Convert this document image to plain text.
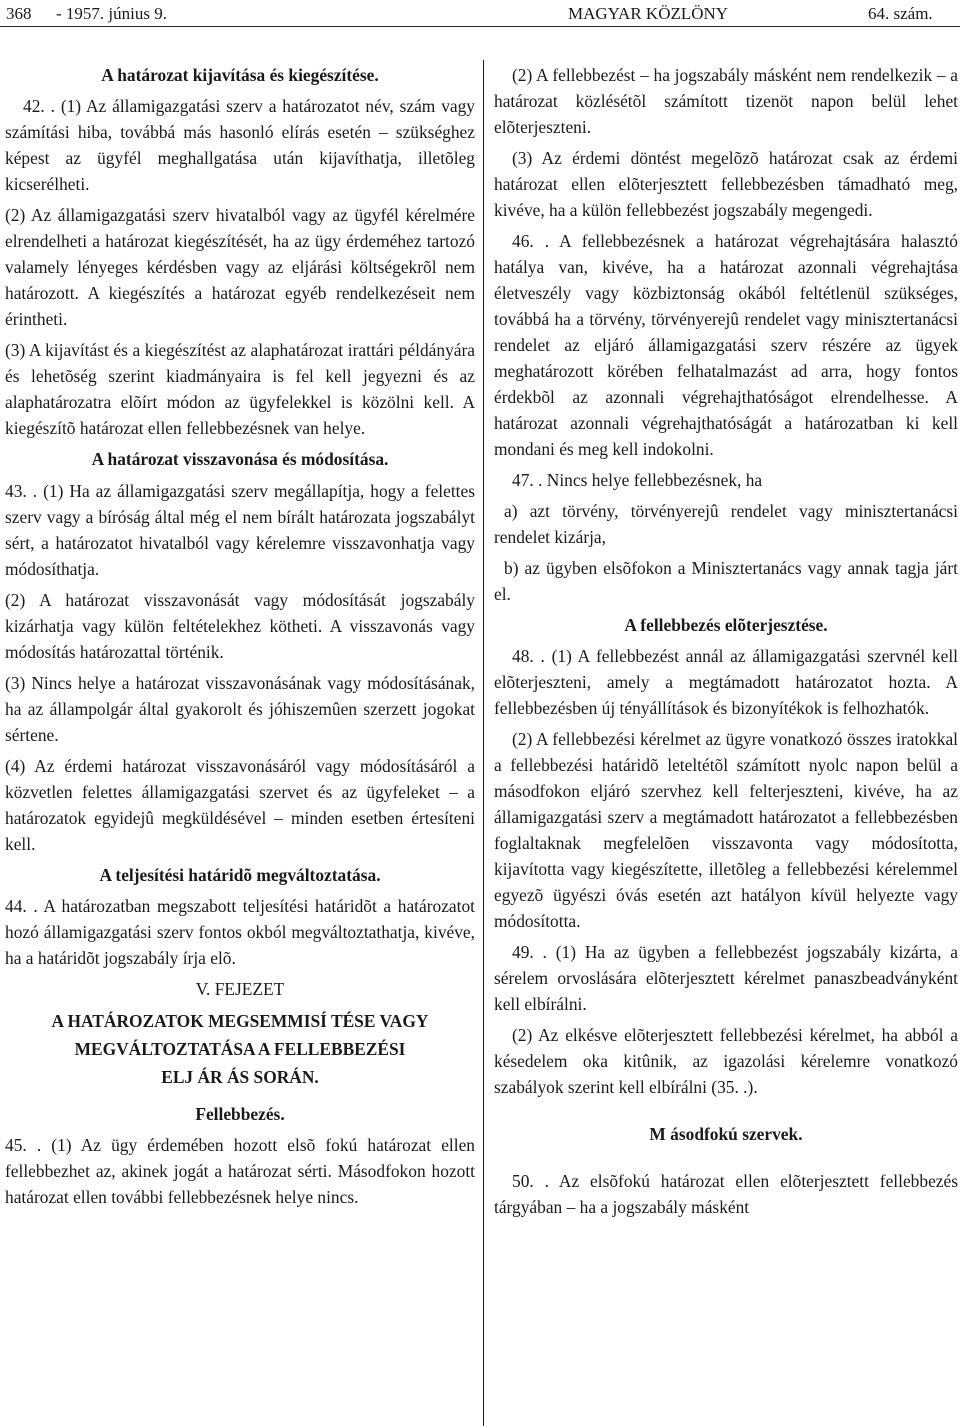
368 - 1957. június 9.	MAGYAR KÖZLÖNY	64. szám.

A határozat kijavítása és kiegészítése.

42. . (1) Az államigazgatási szerv a határozatot név, szám vagy számítási hiba, továbbá más hasonló elírás esetén – szükséghez képest az ügyfél meghallgatása után kijavíthatja, illetõleg kicserélheti.

(2) Az államigazgatási szerv hivatalból vagy az ügyfél kérelmére elrendelheti a határozat kiegészítését, ha az ügy érdeméhez tartozó valamely lényeges kérdésben vagy az eljárási költségekrõl nem határozott. A kiegészítés a határozat egyéb rendelkezéseit nem érintheti.

(3) A kijavítást és a kiegészítést az alaphatározat irattári példányára és lehetõség szerint kiadmányaira is fel kell jegyezni és az alaphatározatra elõírt módon az ügyfelekkel is közölni kell. A kiegészítõ határozat ellen fellebbezésnek van helye.

A határozat visszavonása és módosítása.

43. . (1) Ha az államigazgatási szerv megállapítja, hogy a felettes szerv vagy a bíróság által még el nem bírált határozata jogszabályt sért, a határozatot hivatalból vagy kérelemre visszavonhatja vagy módosíthatja.

(2) A határozat visszavonását vagy módosítását jogszabály kizárhatja vagy külön feltételekhez kötheti. A visszavonás vagy módosítás határozattal történik.

(3) Nincs helye a határozat visszavonásának vagy módosításának, ha az állampolgár által gyakorolt és jóhiszemûen szerzett jogokat sértene.

(4) Az érdemi határozat visszavonásáról vagy módosításáról a közvetlen felettes államigazgatási szervet és az ügyfeleket – a határozatok egyidejû megküldésével – minden esetben értesíteni kell.

A teljesítési határidõ megváltoztatása.

44. . A határozatban megszabott teljesítési határidõt a határozatot hozó államigazgatási szerv fontos okból megváltoztathatja, kivéve, ha a határidõt jogszabály írja elõ.

V. FEJEZET

A HATÁROZATOK MEGSEMMISÍ TÉSE VAGY
MEGVÁLTOZTATÁSA A FELLEBBEZÉSI
ELJ ÁR ÁS SORÁN.

Fellebbezés.

45. . (1) Az ügy érdemében hozott elsõ fokú határozat ellen fellebbezhet az, akinek jogát a határozat sérti. Másodfokon hozott határozat ellen további fellebbezésnek helye nincs.

(2) A fellebbezést – ha jogszabály másként nem rendelkezik – a határozat közlésétõl számított tizenöt napon belül lehet elõterjeszteni.

(3) Az érdemi döntést megelõzõ határozat csak az érdemi határozat ellen elõterjesztett fellebbezésben támadható meg, kivéve, ha a külön fellebbezést jogszabály megengedi.

46. . A fellebbezésnek a határozat végrehajtására halasztó hatálya van, kivéve, ha a határozat azonnali végrehajtása életveszély vagy közbiztonság okából feltétlenül szükséges, továbbá ha a törvény, törvényerejû rendelet vagy minisztertanácsi rendelet az eljáró államigazgatási szerv részére az ügyek meghatározott körében felhatalmazást ad arra, hogy fontos érdekbõl az azonnali végrehajthatóságot elrendelhesse. A határozat azonnali végrehajthatóságát a határozatban ki kell mondani és meg kell indokolni.

47. . Nincs helye fellebbezésnek, ha

a) azt törvény, törvényerejû rendelet vagy minisztertanácsi rendelet kizárja,

b) az ügyben elsõfokon a Minisztertanács vagy annak tagja járt el.

A fellebbezés elõterjesztése.

48. . (1) A fellebbezést annál az államigazgatási szervnél kell elõterjeszteni, amely a megtámadott határozatot hozta. A fellebbezésben új tényállítások és bizonyítékok is felhozhatók.

(2) A fellebbezési kérelmet az ügyre vonatkozó összes iratokkal a fellebbezési határidõ leteltétõl számított nyolc napon belül a másodfokon eljáró szervhez kell felterjeszteni, kivéve, ha az államigazgatási szerv a megtámadott határozatot a fellebbezésben foglaltaknak megfelelõen visszavonta vagy módosította, kijavította vagy kiegészítette, illetõleg a fellebbezési kérelemmel egyezõ ügyészi óvás esetén azt hatályon kívül helyezte vagy módosította.

49. . (1) Ha az ügyben a fellebbezést jogszabály kizárta, a sérelem orvoslására elõterjesztett kérelmet panaszbeadványként kell elbírálni.

(2) Az elkésve elõterjesztett fellebbezési kérelmet, ha abból a késedelem oka kitûnik, az igazolási kérelemre vonatkozó szabályok szerint kell elbírálni (35. .).

M ásodfokú szervek.

50. . Az elsõfokú határozat ellen elõterjesztett fellebbezés tárgyában – ha a jogszabály másként
